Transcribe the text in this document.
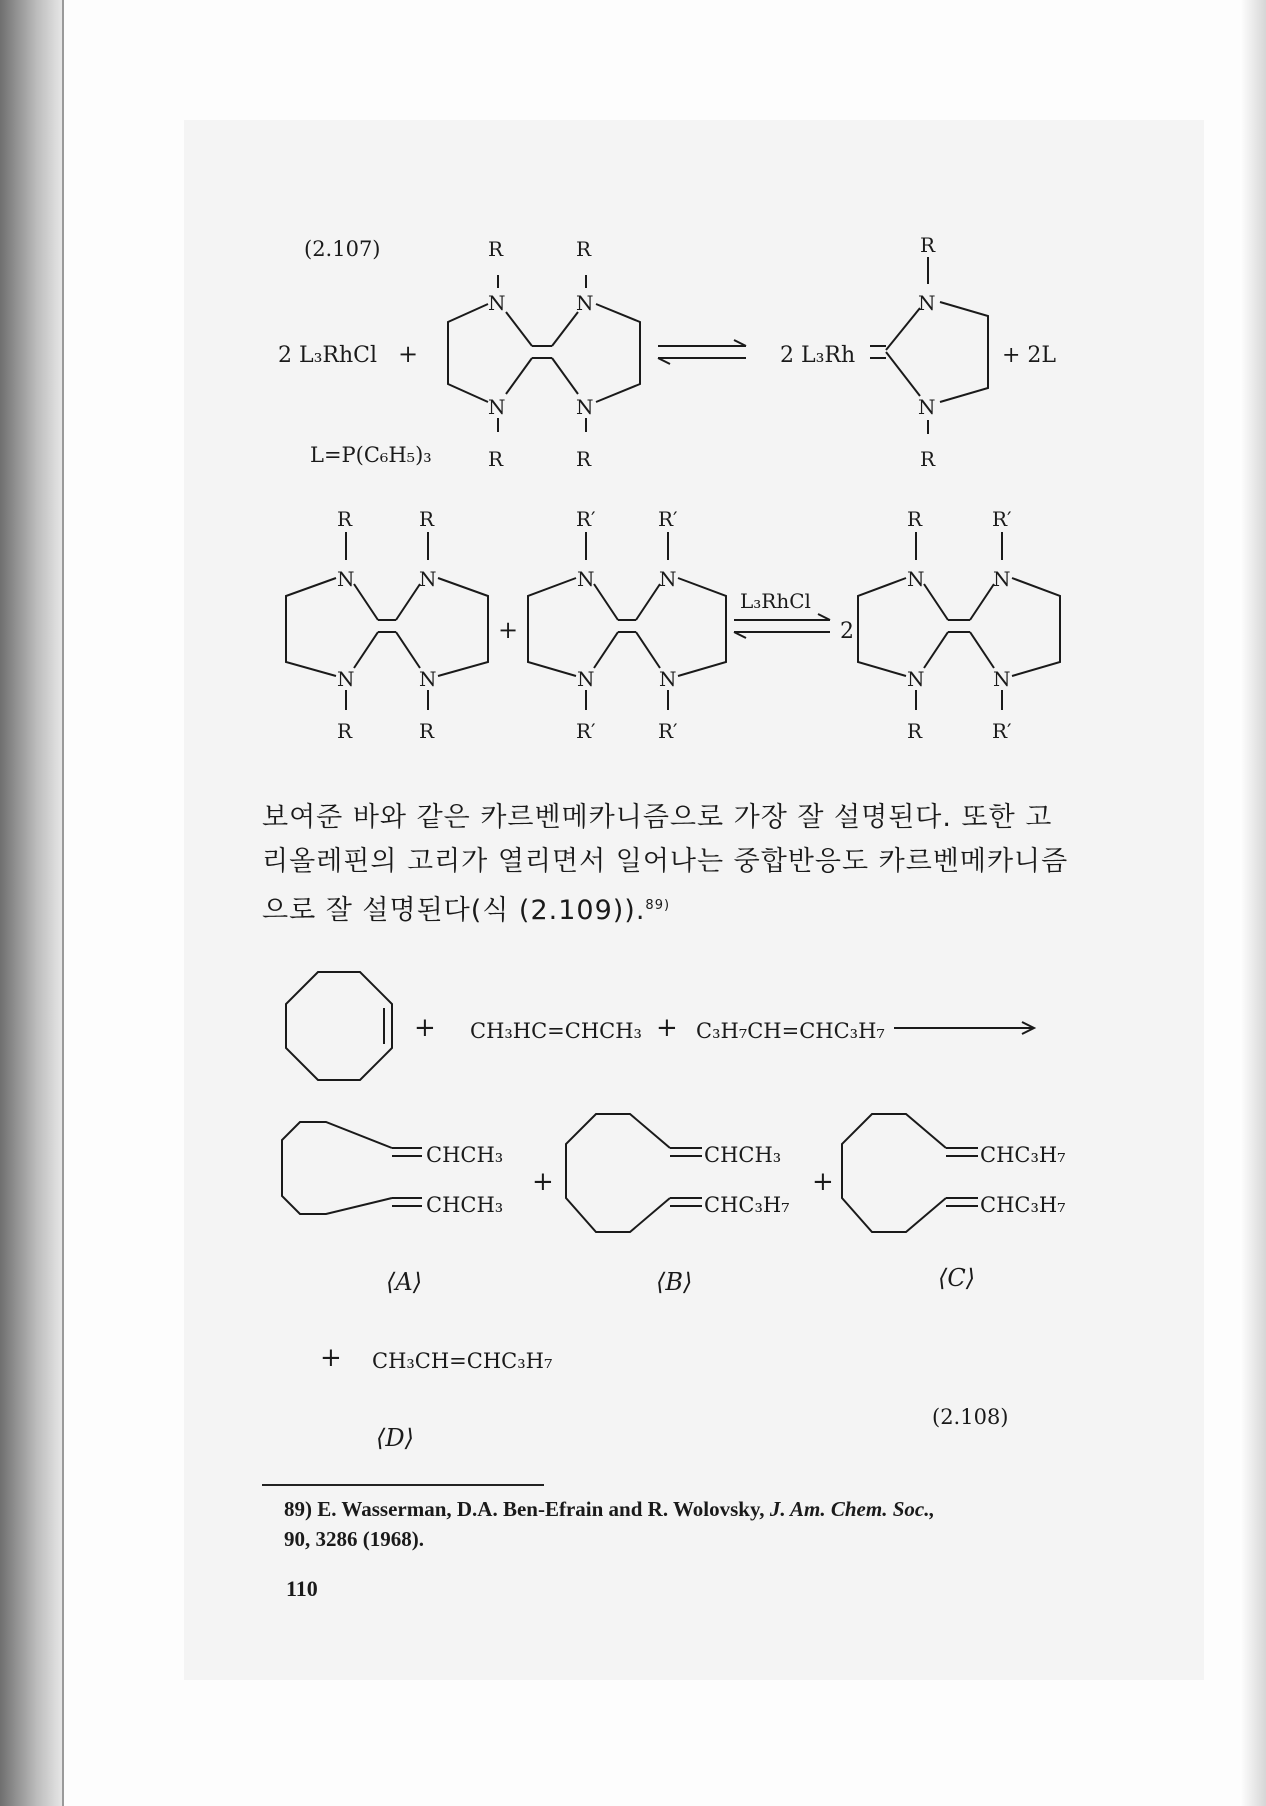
(2.107)	R	R
N	N
N	N
R	R
2 L₃RhCl +	2 L₃Rh	+ 2L
R
N
N
R
L=P(C₆H₅)₃
R	R
N	N
N	N
R	R
+
R′	R′
N	N
N	N
R′	R′
L₃RhCl
2
R	R′
N	N
N	N
R	R′
+ CH₃HC=CHCH₃ + C₃H₇CH=CHC₃H₇
CHCH₃
CHCH₃
+
CHCH₃
CHC₃H₇
+
CHC₃H₇
CHC₃H₇
⟨A⟩	⟨B⟩	⟨C⟩
+ CH₃CH=CHC₃H₇
(2.108)
⟨D⟩

보여준 바와 같은 카르벤메카니즘으로 가장 잘 설명된다. 또한 고

리올레핀의 고리가 열리면서 일어나는 중합반응도 카르벤메카니즘

으로 잘 설명된다(식 (2.109)).$^{89)}$

89) E. Wasserman, D.A. Ben-Efrain and R. Wolovsky, J. Am. Chem. Soc.,

90, 3286 (1968).

110
